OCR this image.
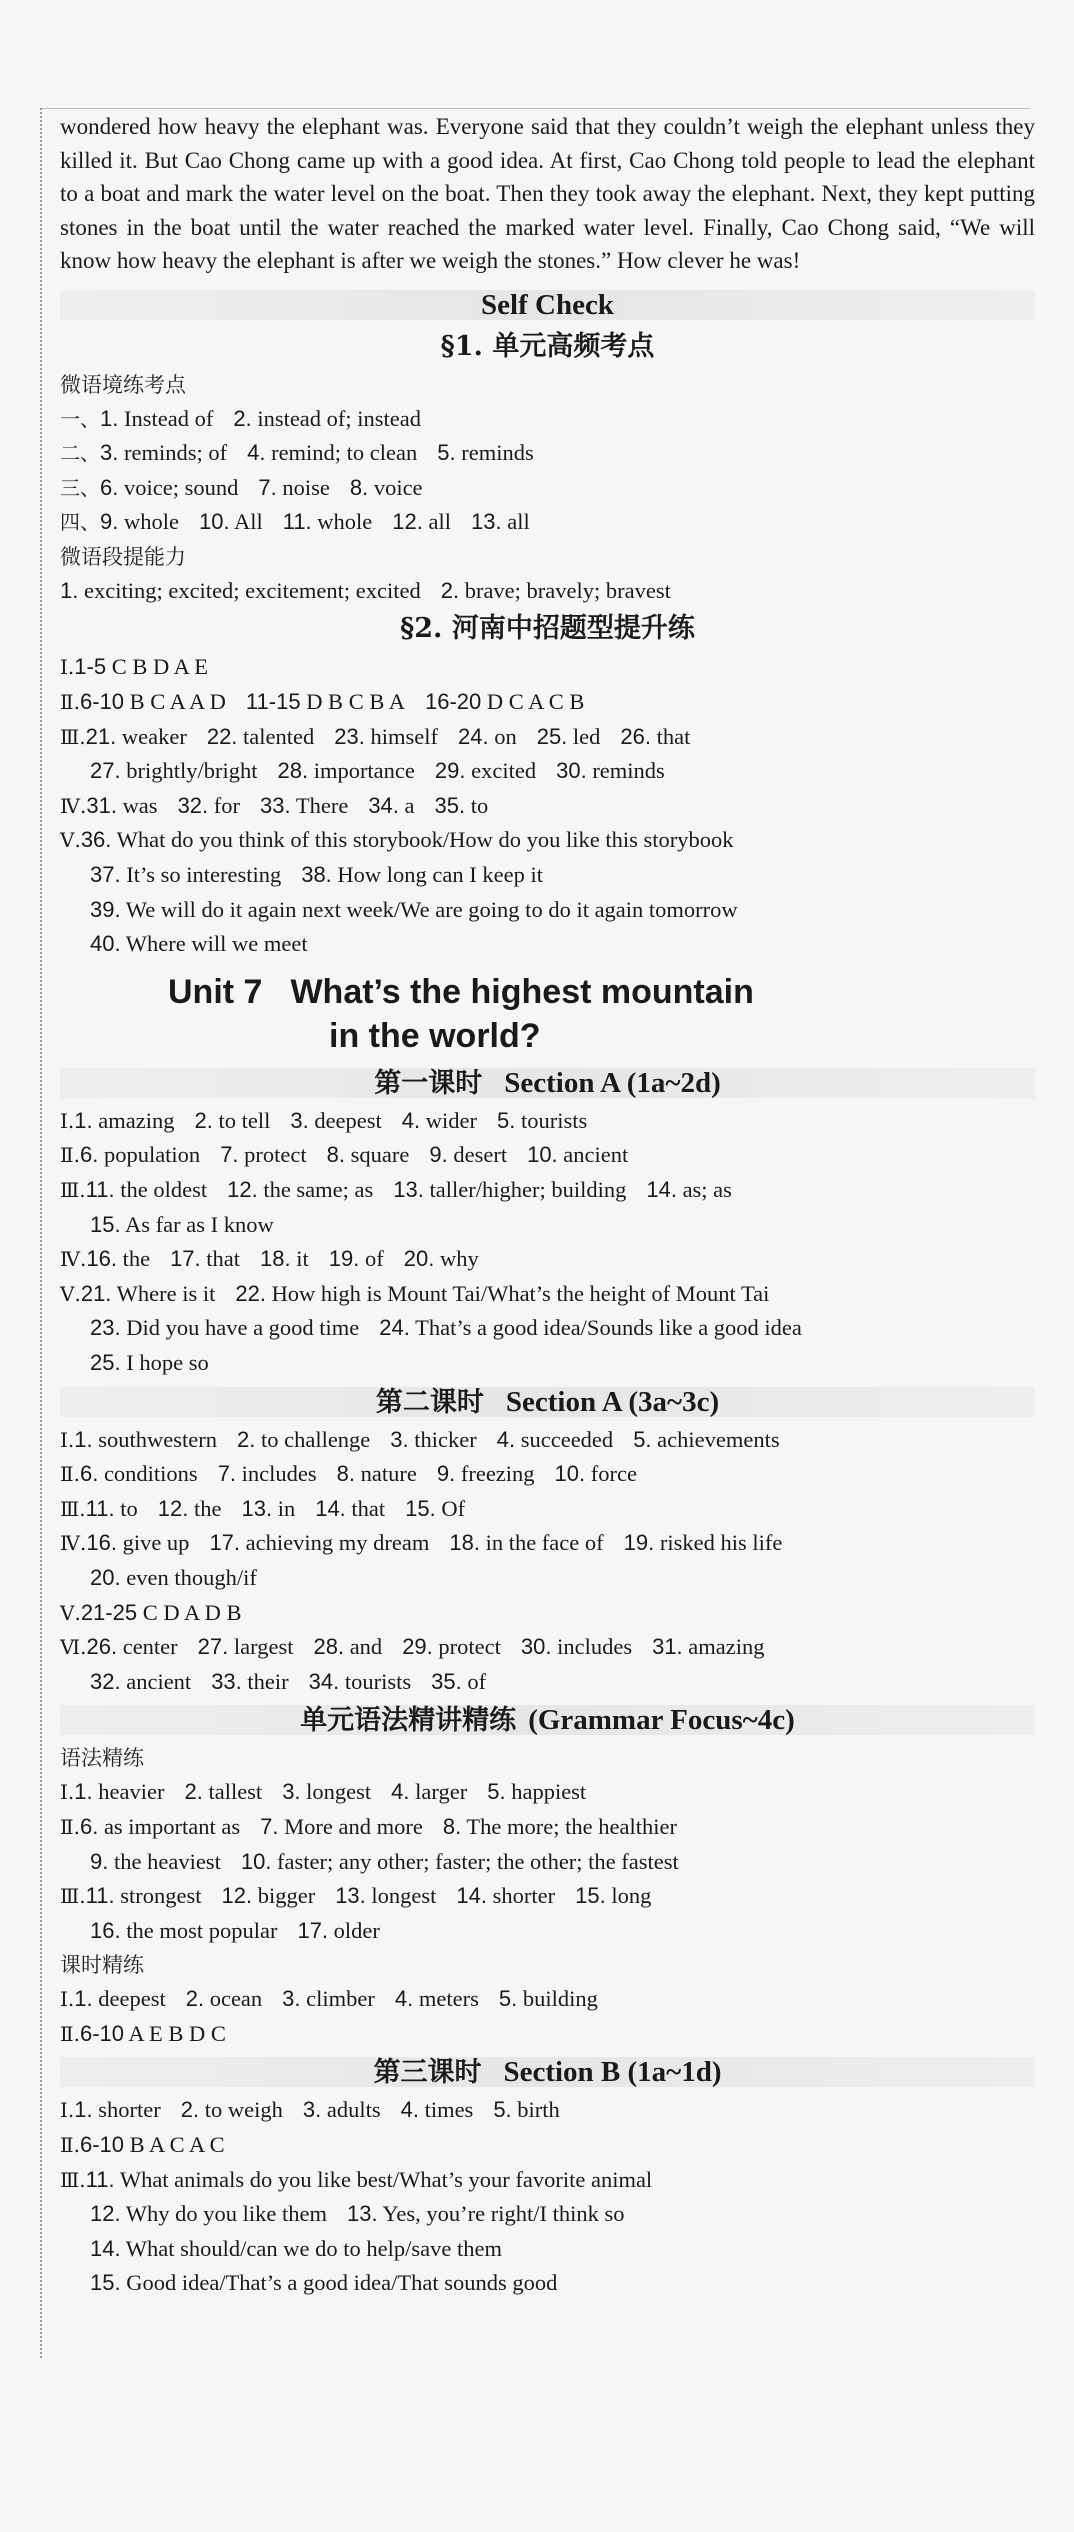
wondered how heavy the elephant was. Everyone said that they couldn’t weigh the elephant unless they killed it. But Cao Chong came up with a good idea. At first, Cao Chong told people to lead the elephant to a boat and mark the water level on the boat. Then they took away the elephant. Next, they kept putting stones in the boat until the water reached the marked water level. Finally, Cao Chong said, “We will know how heavy the elephant is after we weigh the stones.” How clever he was!

Self Check
§1. 单元高频考点
微语境练考点
一、1. Instead of 2. instead of; instead
二、3. reminds; of 4. remind; to clean 5. reminds
三、6. voice; sound 7. noise 8. voice
四、9. whole 10. All 11. whole 12. all 13. all
微语段提能力
1. exciting; excited; excitement; excited 2. brave; bravely; bravest
§2. 河南中招题型提升练
Ⅰ.1-5 C B D A E
Ⅱ.6-10 B C A A D 11-15 D B C B A 16-20 D C A C B
Ⅲ.21. weaker 22. talented 23. himself 24. on 25. led 26. that
27. brightly/bright 28. importance 29. excited 30. reminds
Ⅳ.31. was 32. for 33. There 34. a 35. to
Ⅴ.36. What do you think of this storybook/How do you like this storybook
37. It’s so interesting 38. How long can I keep it
39. We will do it again next week/We are going to do it again tomorrow
40. Where will we meet
Unit 7 What’s the highest mountain
in the world?
第一课时 Section A (1a~2d)
Ⅰ.1. amazing 2. to tell 3. deepest 4. wider 5. tourists
Ⅱ.6. population 7. protect 8. square 9. desert 10. ancient
Ⅲ.11. the oldest 12. the same; as 13. taller/higher; building 14. as; as
15. As far as I know
Ⅳ.16. the 17. that 18. it 19. of 20. why
Ⅴ.21. Where is it 22. How high is Mount Tai/What’s the height of Mount Tai
23. Did you have a good time 24. That’s a good idea/Sounds like a good idea
25. I hope so
第二课时 Section A (3a~3c)
Ⅰ.1. southwestern 2. to challenge 3. thicker 4. succeeded 5. achievements
Ⅱ.6. conditions 7. includes 8. nature 9. freezing 10. force
Ⅲ.11. to 12. the 13. in 14. that 15. Of
Ⅳ.16. give up 17. achieving my dream 18. in the face of 19. risked his life
20. even though/if
Ⅴ.21-25 C D A D B
Ⅵ.26. center 27. largest 28. and 29. protect 30. includes 31. amazing
32. ancient 33. their 34. tourists 35. of
单元语法精讲精练 (Grammar Focus~4c)
语法精练
Ⅰ.1. heavier 2. tallest 3. longest 4. larger 5. happiest
Ⅱ.6. as important as 7. More and more 8. The more; the healthier
9. the heaviest 10. faster; any other; faster; the other; the fastest
Ⅲ.11. strongest 12. bigger 13. longest 14. shorter 15. long
16. the most popular 17. older
课时精练
Ⅰ.1. deepest 2. ocean 3. climber 4. meters 5. building
Ⅱ.6-10 A E B D C
第三课时 Section B (1a~1d)
Ⅰ.1. shorter 2. to weigh 3. adults 4. times 5. birth
Ⅱ.6-10 B A C A C
Ⅲ.11. What animals do you like best/What’s your favorite animal
12. Why do you like them 13. Yes, you’re right/I think so
14. What should/can we do to help/save them
15. Good idea/That’s a good idea/That sounds good
